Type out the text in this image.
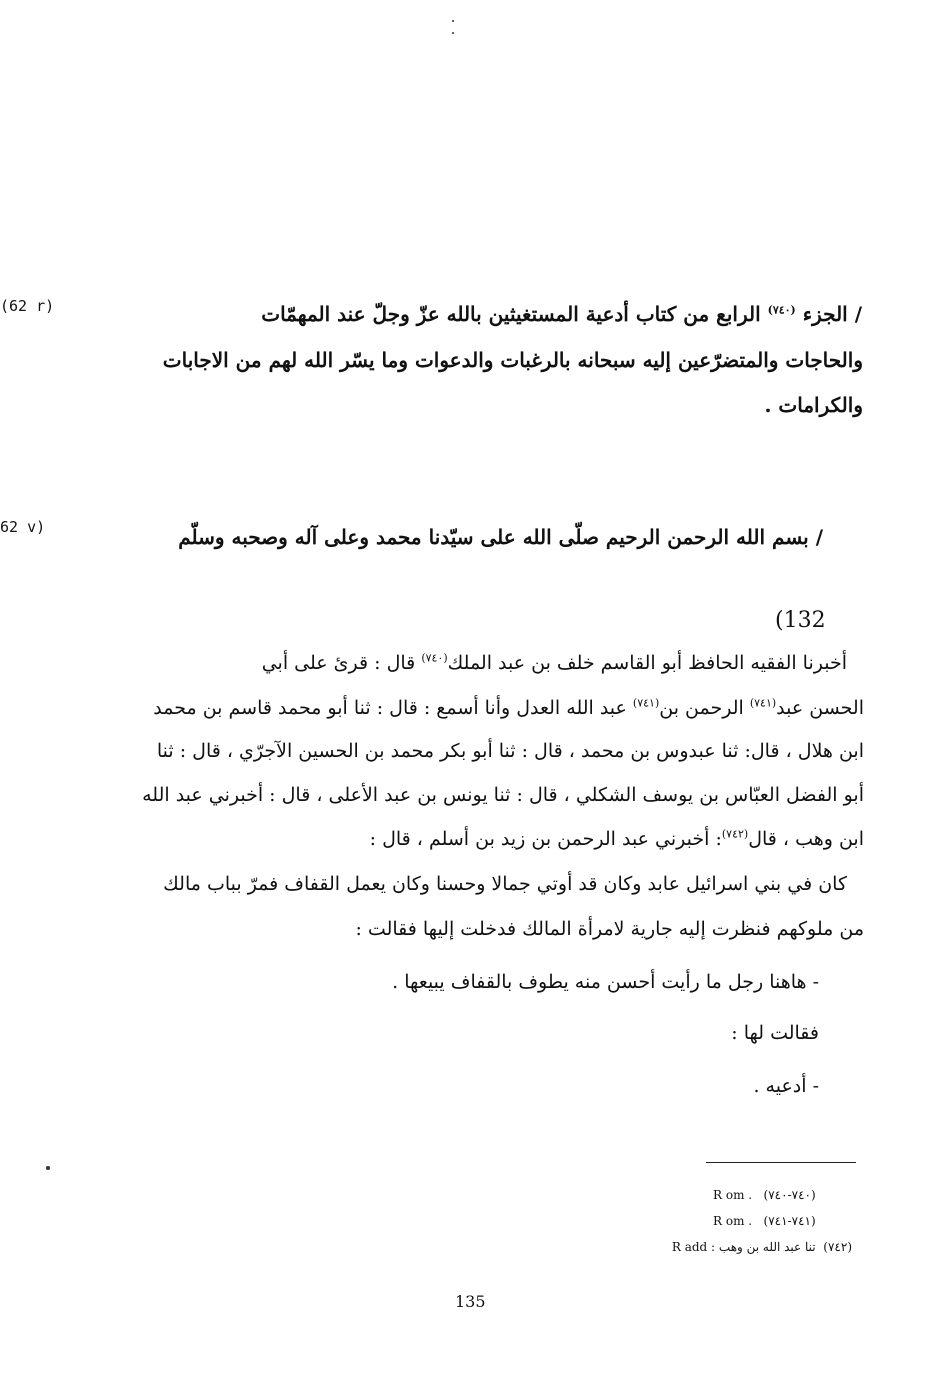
(62 r)
62 v)
/ الجزء $^{(٧٤٠)}$ الرابع من كتاب أدعية المستغيثين بالله عزّ وجلّ عند المهمّات
والحاجات والمتضرّعين إليه سبحانه بالرغبات والدعوات وما يسّر الله لهم من الاجابات
والكرامات .
/ بسم الله الرحمن الرحيم صلّى الله على سيّدنا محمد وعلى آله وصحبه وسلّم
(132
أخبرنا الفقيه الحافظ أبو القاسم خلف بن عبد الملك$^{(٧٤٠)}$ قال : قرئ على أبي
الحسن عبد$^{(٧٤١)}$ الرحمن بن$^{(٧٤١)}$ عبد الله العدل وأنا أسمع : قال : ثنا أبو محمد قاسم بن محمد
ابن هلال ، قال: ثنا عبدوس بن محمد ، قال : ثنا أبو بكر محمد بن الحسين الآجرّي ، قال : ثنا
أبو الفضل العبّاس بن يوسف الشكلي ، قال : ثنا يونس بن عبد الأعلى ، قال : أخبرني عبد الله
ابن وهب ، قال$^{(٧٤٢)}$: أخبرني عبد الرحمن بن زيد بن أسلم ، قال :
كان في بني اسرائيل عابد وكان قد أوتي جمالا وحسنا وكان يعمل القفاف فمرّ بباب مالك
من ملوكهم فنظرت إليه جارية لامرأة المالك فدخلت إليها فقالت :
- هاهنا رجل ما رأيت أحسن منه يطوف بالقفاف يبيعها .
فقالت لها :
- أدعيه .
R om . (٧٤٠-٧٤٠)
R om . (٧٤١-٧٤١)
(٧٤٢)  تنا عبد الله بن وهب : R add
135
